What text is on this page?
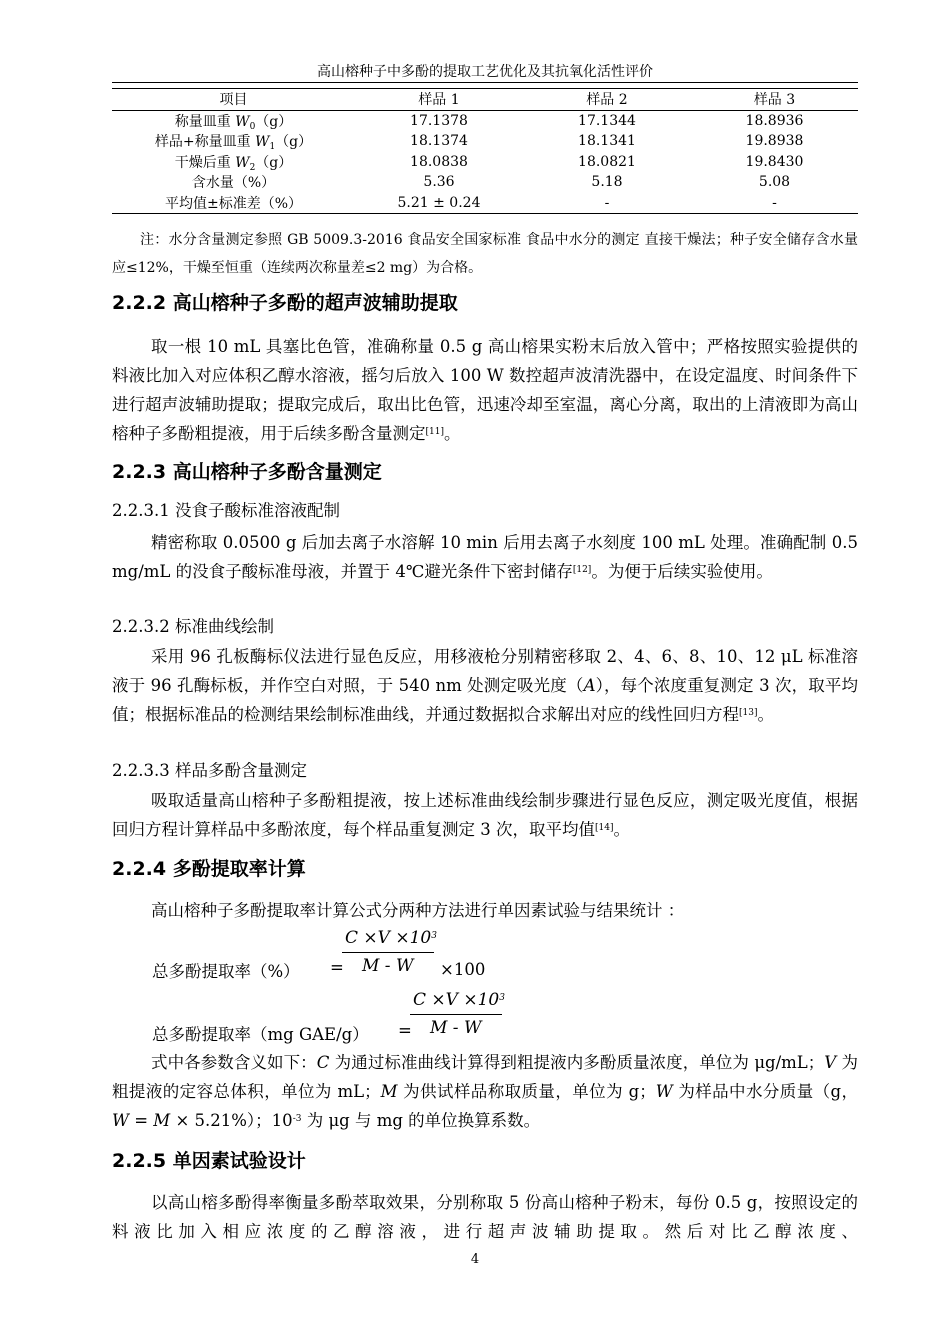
高山榕种子中多酚的提取工艺优化及其抗氧化活性评价
项目	样品 1	样品 2	样品 3
称量皿重 $W_0(g)$	17.1378	17.1344	18.8936
样品+称量皿重 $W_1(g)$	18.1374	18.1341	19.8938
干燥后重 $W_2(g)$	18.0838	18.0821	19.8430
含水量（%）	5.36	5.18	5.08
平均值±标准差（%）	5.21 ± 0.24	-	-
注：水分含量测定参照 GB 5009.3-2016 食品安全国家标准 食品中水分的测定 直接干燥法；种子安全储存含水量应≤12%，干燥至恒重（连续两次称量差≤2 mg）为合格。
2.2.2 高山榕种子多酚的超声波辅助提取
取一根 10 mL 具塞比色管，准确称量 0.5 g 高山榕果实粉末后放入管中；严格按照实验提供的料液比加入对应体积乙醇水溶液，摇匀后放入 100 W 数控超声波清洗器中，在设定温度、时间条件下进行超声波辅助提取；提取完成后，取出比色管，迅速冷却至室温，离心分离，取出的上清液即为高山榕种子多酚粗提液，用于后续多酚含量测定[11]。
2.2.3 高山榕种子多酚含量测定
2.2.3.1 没食子酸标准溶液配制
精密称取 0.0500 g 后加去离子水溶解 10 min 后用去离子水刻度 100 mL 处理。准确配制 0.5 mg/mL 的没食子酸标准母液，并置于 4℃避光条件下密封储存[12]。为便于后续实验使用。
2.2.3.2 标准曲线绘制
采用 96 孔板酶标仪法进行显色反应，用移液枪分别精密移取 2、4、6、8、10、12 μL 标准溶液于 96 孔酶标板，并作空白对照，于 540 nm 处测定吸光度（A），每个浓度重复测定 3 次，取平均值；根据标准品的检测结果绘制标准曲线，并通过数据拟合求解出对应的线性回归方程[13]。
2.2.3.3 样品多酚含量测定
吸取适量高山榕种子多酚粗提液，按上述标准曲线绘制步骤进行显色反应，测定吸光度值，根据回归方程计算样品中多酚浓度，每个样品重复测定 3 次，取平均值[14]。
2.2.4 多酚提取率计算
高山榕种子多酚提取率计算公式分两种方法进行单因素试验与结果统计 ：
总多酚提取率（%） =
$C \times V \times 10^3$
M - W ×100
总多酚提取率（mg GAE/g） =
$C \times V \times 10^3$
M - W
式中各参数含义如下：C 为通过标准曲线计算得到粗提液内多酚质量浓度，单位为 μg/mL；V 为粗提液的定容总体积，单位为 mL；M 为供试样品称取质量，单位为 g；W 为样品中水分质量（g，W = M × 5.21%）；$10^{-3}$ 为 μg 与 mg 的单位换算系数。
2.2.5 单因素试验设计
以高山榕多酚得率衡量多酚萃取效果，分别称取 5 份高山榕种子粉末，每份 0.5 g，按照设定的料液比加入相应浓度的乙醇溶液，进行超声波辅助提取。然后对比乙醇浓度、
4
